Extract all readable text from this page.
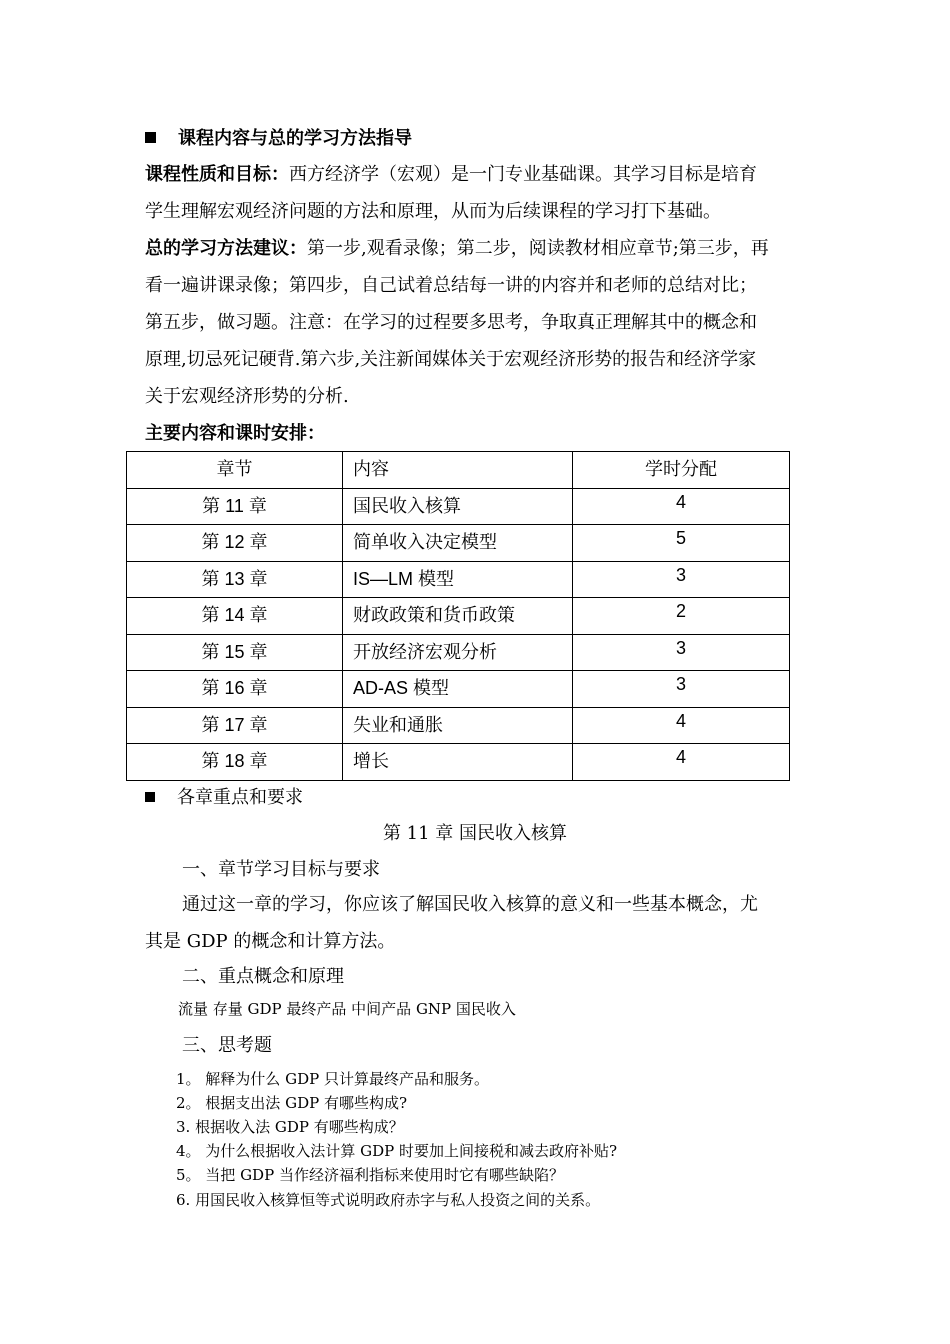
课程内容与总的学习方法指导
课程性质和目标：西方经济学（宏观）是一门专业基础课。其学习目标是培育
学生理解宏观经济问题的方法和原理，从而为后续课程的学习打下基础。
总的学习方法建议：第一步,观看录像；第二步，阅读教材相应章节;第三步，再
看一遍讲课录像；第四步，自己试着总结每一讲的内容并和老师的总结对比；
第五步，做习题。注意：在学习的过程要多思考，争取真正理解其中的概念和
原理,切忌死记硬背.第六步,关注新闻媒体关于宏观经济形势的报告和经济学家
关于宏观经济形势的分析.
主要内容和课时安排：
章节	内容	学时分配
第 11 章	国民收入核算	4
第 12 章	简单收入决定模型	5
第 13 章	IS—LM 模型	3
第 14 章	财政政策和货币政策	2
第 15 章	开放经济宏观分析	3
第 16 章	AD-AS 模型	3
第 17 章	失业和通胀	4
第 18 章	增长	4
各章重点和要求
第 11 章 国民收入核算
一、章节学习目标与要求
通过这一章的学习，你应该了解国民收入核算的意义和一些基本概念，尤
其是 GDP 的概念和计算方法。
二、重点概念和原理
流量 存量 GDP 最终产品 中间产品 GNP 国民收入
三、思考题
1。 解释为什么 GDP 只计算最终产品和服务。
2。 根据支出法 GDP 有哪些构成?
3. 根据收入法 GDP 有哪些构成？
4。 为什么根据收入法计算 GDP 时要加上间接税和减去政府补贴?
5。 当把 GDP 当作经济福利指标来使用时它有哪些缺陷？
6. 用国民收入核算恒等式说明政府赤字与私人投资之间的关系。
